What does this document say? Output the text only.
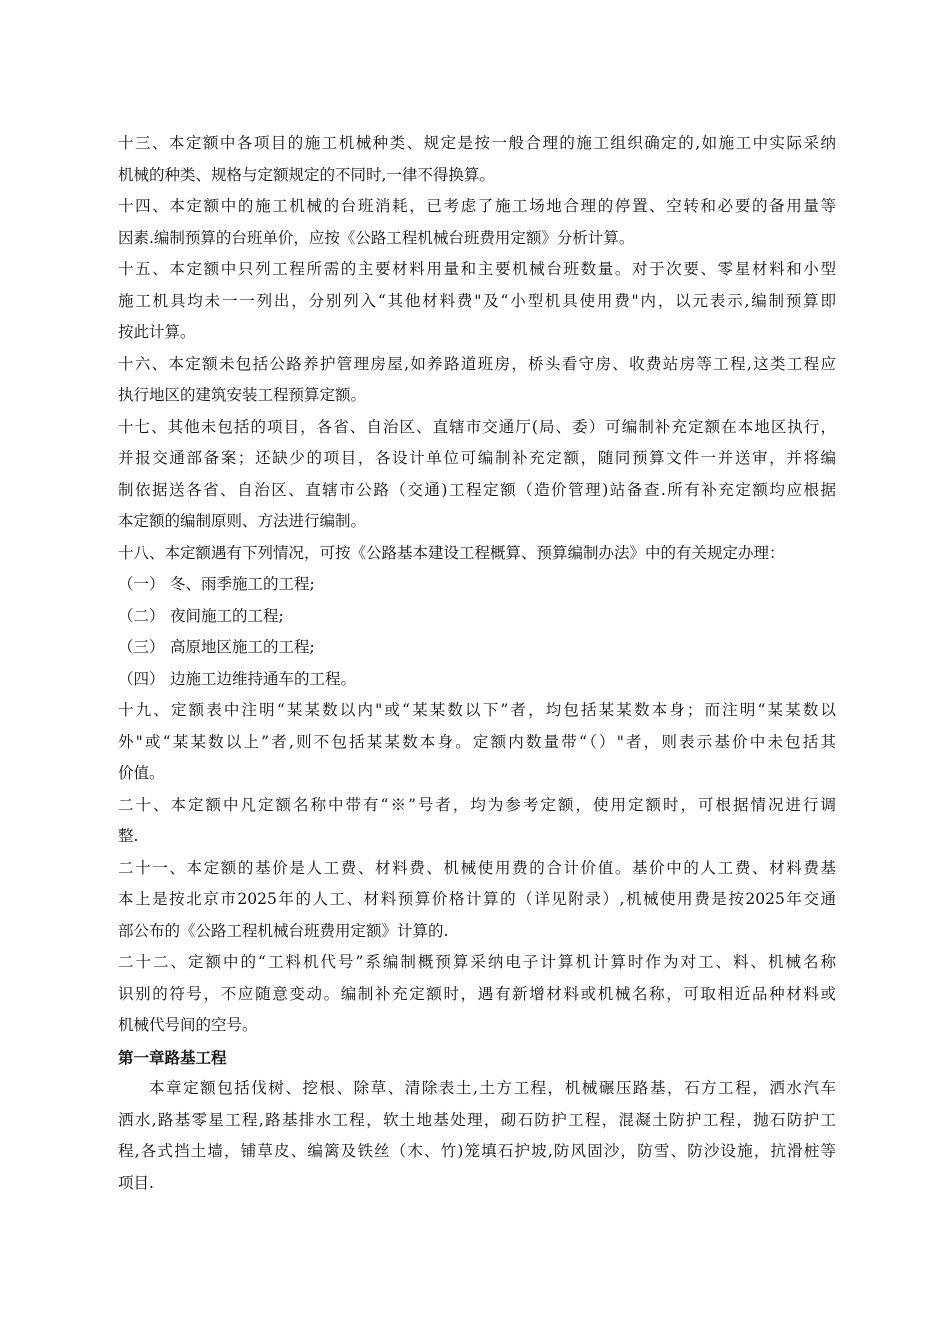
十三、本定额中各项目的施工机械种类、规定是按一般合理的施工组织确定的,如施工中实际采纳
机械的种类、规格与定额规定的不同时,一律不得换算。
十四、本定额中的施工机械的台班消耗，已考虑了施工场地合理的停置、空转和必要的备用量等
因素.编制预算的台班单价，应按《公路工程机械台班费用定额》分析计算。
十五、本定额中只列工程所需的主要材料用量和主要机械台班数量。对于次要、零星材料和小型
施工机具均未一一列出，分别列入“其他材料费"及“小型机具使用费"内，以元表示,编制预算即
按此计算。
十六、本定额未包括公路养护管理房屋,如养路道班房，桥头看守房、收费站房等工程,这类工程应
执行地区的建筑安装工程预算定额。
十七、其他未包括的项目，各省、自治区、直辖市交通厅(局、委）可编制补充定额在本地区执行，
并报交通部备案；还缺少的项目，各设计单位可编制补充定额，随同预算文件一并送审，并将编
制依据送各省、自治区、直辖市公路（交通)工程定额（造价管理)站备查.所有补充定额均应根据
本定额的编制原则、方法进行编制。
十八、本定额遇有下列情况，可按《公路基本建设工程概算、预算编制办法》中的有关规定办理：
（一） 冬、雨季施工的工程;
（二） 夜间施工的工程;
（三） 高原地区施工的工程;
（四） 边施工边维持通车的工程。
十九、定额表中注明“某某数以内"或“某某数以下”者，均包括某某数本身；而注明“某某数以
外"或“某某数以上”者,则不包括某某数本身。定额内数量带“（）"者，则表示基价中未包括其
价值。
二十、本定额中凡定额名称中带有“※”号者，均为参考定额，使用定额时，可根据情况进行调
整.
二十一、本定额的基价是人工费、材料费、机械使用费的合计价值。基价中的人工费、材料费基
本上是按北京市2025年的人工、材料预算价格计算的（详见附录）,机械使用费是按2025年交通
部公布的《公路工程机械台班费用定额》计算的.
二十二、定额中的“工料机代号”系编制概预算采纳电子计算机计算时作为对工、料、机械名称
识别的符号，不应随意变动。编制补充定额时，遇有新增材料或机械名称，可取相近品种材料或
机械代号间的空号。
第一章路基工程
本章定额包括伐树、挖根、除草、清除表土,土方工程，机械碾压路基，石方工程，洒水汽车
洒水,路基零星工程,路基排水工程，软土地基处理，砌石防护工程，混凝土防护工程，抛石防护工
程,各式挡土墙，铺草皮、编篱及铁丝（木、竹)笼填石护坡,防风固沙，防雪、防沙设施，抗滑桩等
项目.
